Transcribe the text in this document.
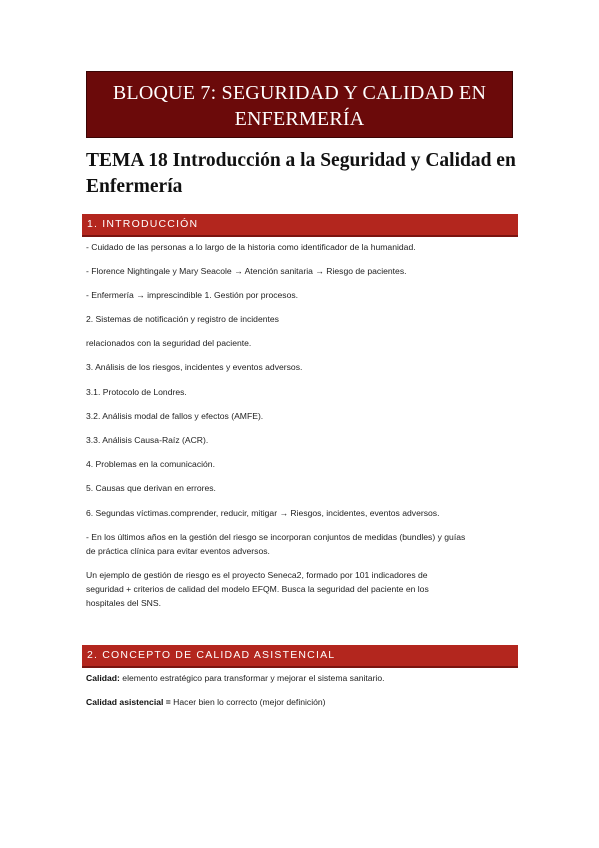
BLOQUE 7: SEGURIDAD Y CALIDAD EN
ENFERMERÍA
TEMA 18 Introducción a la Seguridad y Calidad en
Enfermería
1. INTRODUCCIÓN

- Cuidado de las personas a lo largo de la historia como identificador de la humanidad.

- Florence Nightingale y Mary Seacole → Atención sanitaria → Riesgo de pacientes.

- Enfermería → imprescindible 1. Gestión por procesos.

2. Sistemas de notificación y registro de incidentes

relacionados con la seguridad del paciente.

3. Análisis de los riesgos, incidentes y eventos adversos.

3.1. Protocolo de Londres.

3.2. Análisis modal de fallos y efectos (AMFE).

3.3. Análisis Causa-Raíz (ACR).

4. Problemas en la comunicación.

5. Causas que derivan en errores.

6. Segundas víctimas.comprender, reducir, mitigar → Riesgos, incidentes, eventos adversos.

- En los últimos años en la gestión del riesgo se incorporan conjuntos de medidas (bundles) y guías

de práctica clínica para evitar eventos adversos.

Un ejemplo de gestión de riesgo es el proyecto Seneca2, formado por 101 indicadores de

seguridad + criterios de calidad del modelo EFQM. Busca la seguridad del paciente en los

hospitales del SNS.

2. CONCEPTO DE CALIDAD ASISTENCIAL

Calidad: elemento estratégico para transformar y mejorar el sistema sanitario.

Calidad asistencial = Hacer bien lo correcto (mejor definición)
